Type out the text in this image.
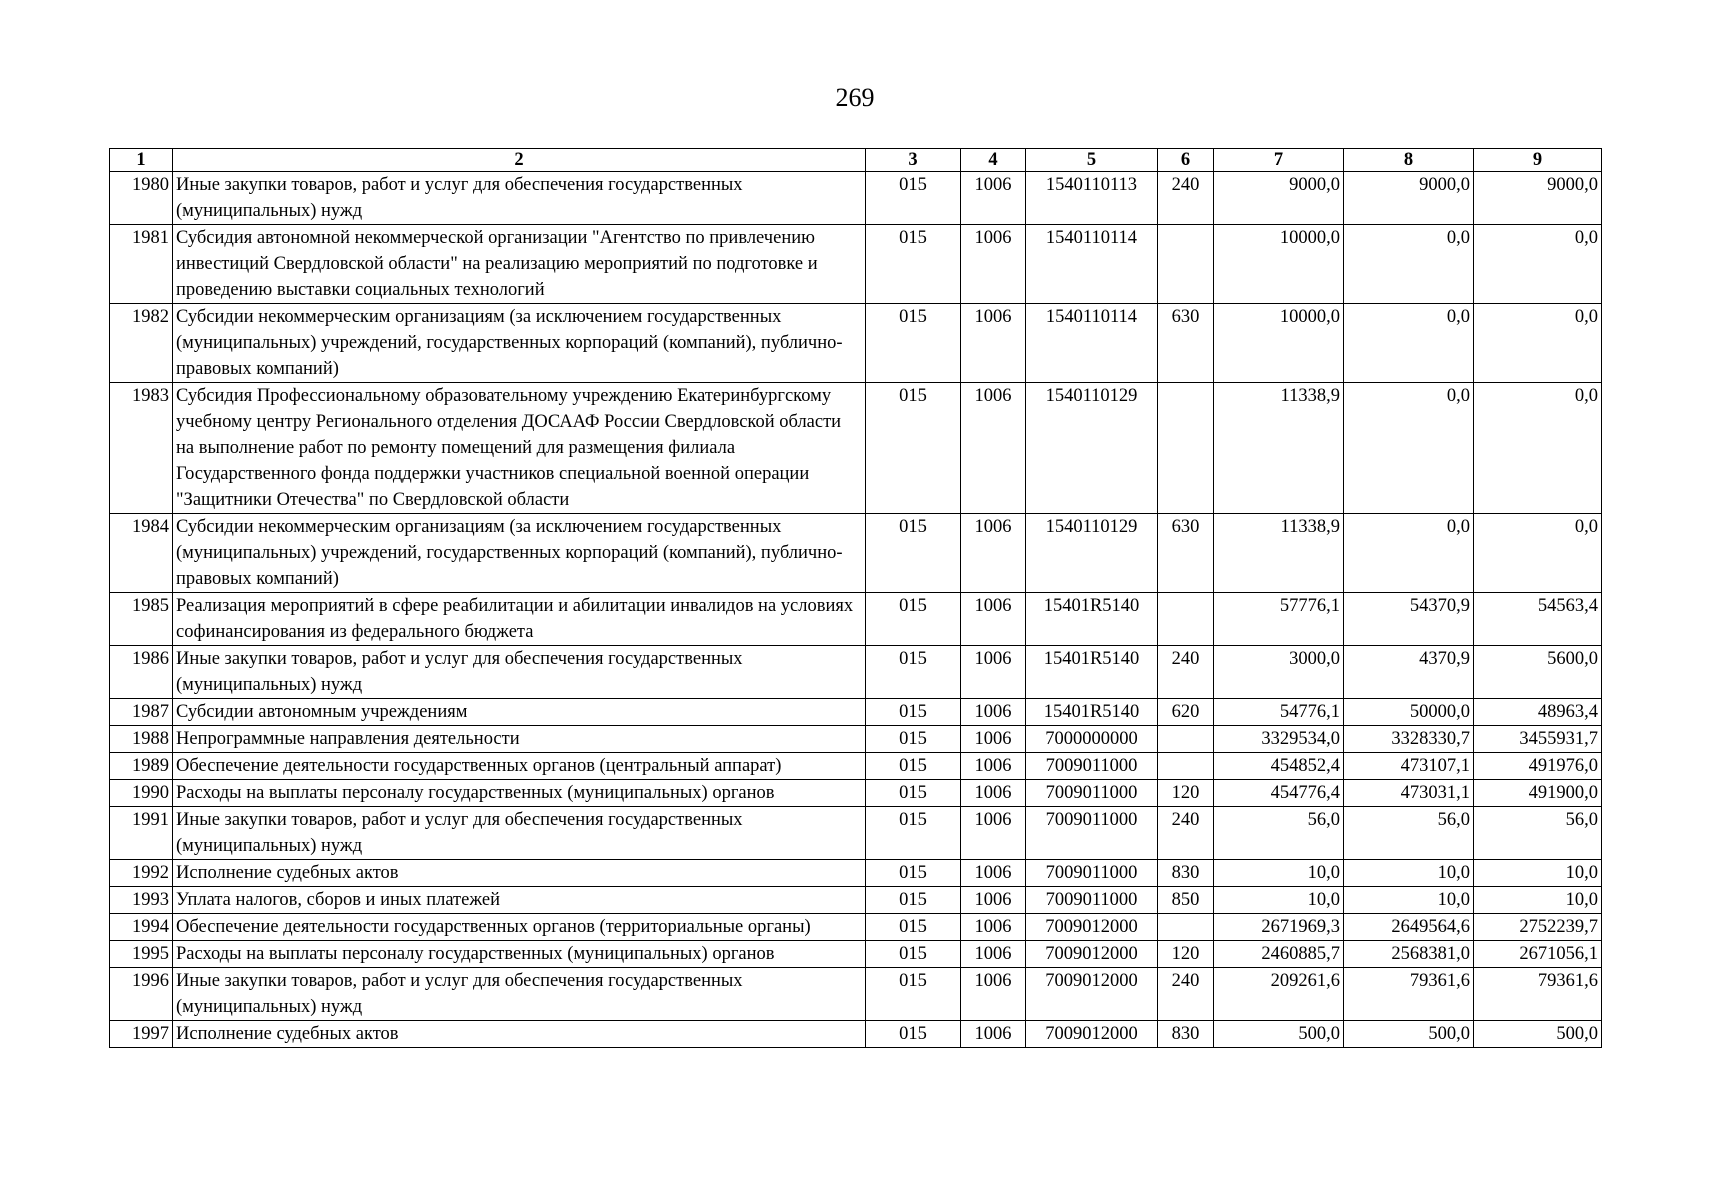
269
1	2	3	4	5	6	7	8	9
1980	Иные закупки товаров, работ и услуг для обеспечения государственных (муниципальных) нужд	015	1006	1540110113	240	9000,0	9000,0	9000,0
1981	Субсидия автономной некоммерческой организации "Агентство по привлечению инвестиций Свердловской области" на реализацию мероприятий по подготовке и проведению выставки социальных технологий	015	1006	1540110114		10000,0	0,0	0,0
1982	Субсидии некоммерческим организациям (за исключением государственных (муниципальных) учреждений, государственных корпораций (компаний), публично-правовых компаний)	015	1006	1540110114	630	10000,0	0,0	0,0
1983	Субсидия Профессиональному образовательному учреждению Екатеринбургскому учебному центру Регионального отделения ДОСААФ России Свердловской области на выполнение работ по ремонту помещений для размещения филиала Государственного фонда поддержки участников специальной военной операции "Защитники Отечества" по Свердловской области	015	1006	1540110129		11338,9	0,0	0,0
1984	Субсидии некоммерческим организациям (за исключением государственных (муниципальных) учреждений, государственных корпораций (компаний), публично-правовых компаний)	015	1006	1540110129	630	11338,9	0,0	0,0
1985	Реализация мероприятий в сфере реабилитации и абилитации инвалидов на условиях софинансирования из федерального бюджета	015	1006	15401R5140		57776,1	54370,9	54563,4
1986	Иные закупки товаров, работ и услуг для обеспечения государственных (муниципальных) нужд	015	1006	15401R5140	240	3000,0	4370,9	5600,0
1987	Субсидии автономным учреждениям	015	1006	15401R5140	620	54776,1	50000,0	48963,4
1988	Непрограммные направления деятельности	015	1006	7000000000		3329534,0	3328330,7	3455931,7
1989	Обеспечение деятельности государственных органов (центральный аппарат)	015	1006	7009011000		454852,4	473107,1	491976,0
1990	Расходы на выплаты персоналу государственных (муниципальных) органов	015	1006	7009011000	120	454776,4	473031,1	491900,0
1991	Иные закупки товаров, работ и услуг для обеспечения государственных (муниципальных) нужд	015	1006	7009011000	240	56,0	56,0	56,0
1992	Исполнение судебных актов	015	1006	7009011000	830	10,0	10,0	10,0
1993	Уплата налогов, сборов и иных платежей	015	1006	7009011000	850	10,0	10,0	10,0
1994	Обеспечение деятельности государственных органов (территориальные органы)	015	1006	7009012000		2671969,3	2649564,6	2752239,7
1995	Расходы на выплаты персоналу государственных (муниципальных) органов	015	1006	7009012000	120	2460885,7	2568381,0	2671056,1
1996	Иные закупки товаров, работ и услуг для обеспечения государственных (муниципальных) нужд	015	1006	7009012000	240	209261,6	79361,6	79361,6
1997	Исполнение судебных актов	015	1006	7009012000	830	500,0	500,0	500,0
